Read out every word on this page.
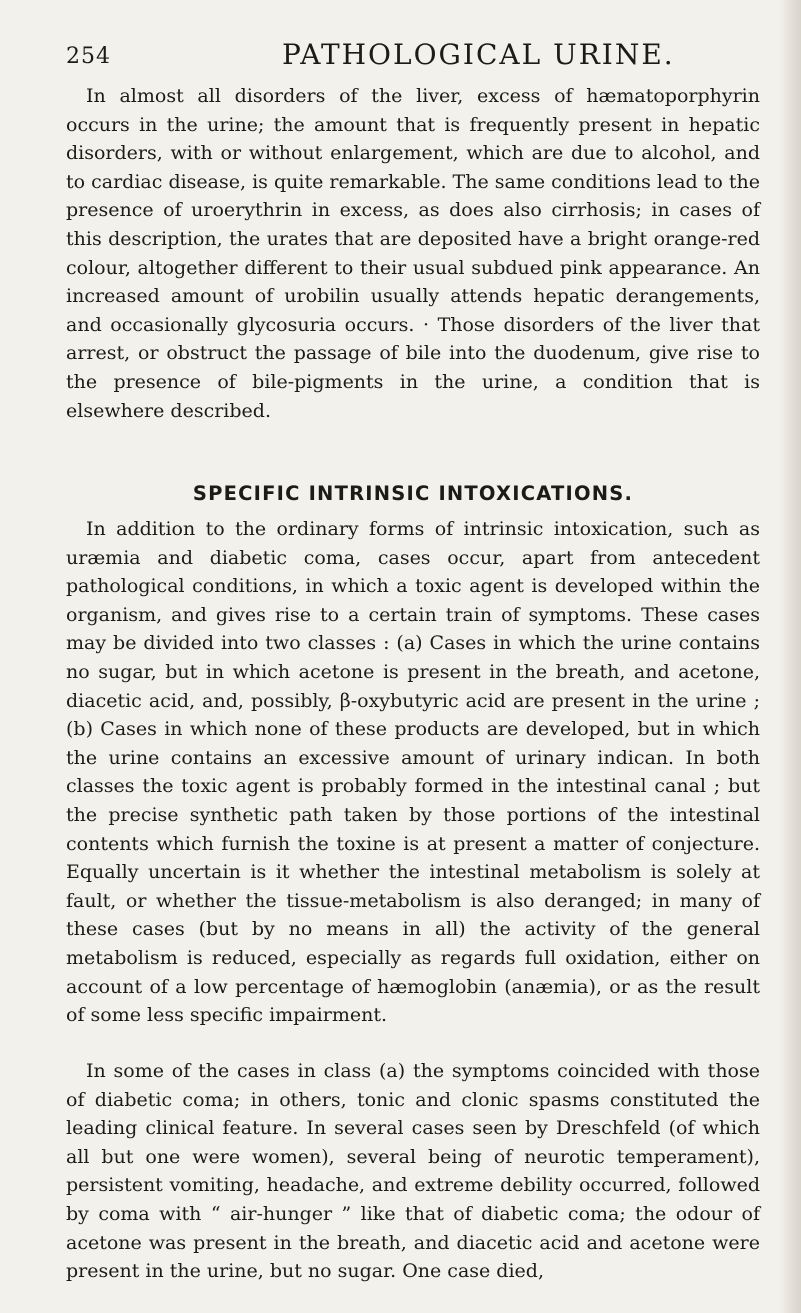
254	PATHOLOGICAL URINE.

In almost all disorders of the liver, excess of hæmatoporphyrin occurs in the urine; the amount that is frequently present in hepatic disorders, with or without enlargement, which are due to alcohol, and to cardiac disease, is quite remarkable. The same conditions lead to the presence of uroerythrin in excess, as does also cirrhosis; in cases of this description, the urates that are deposited have a bright orange-red colour, altogether different to their usual subdued pink appearance. An increased amount of urobilin usually attends hepatic derangements, and occasionally glycosuria occurs. · Those disorders of the liver that arrest, or obstruct the passage of bile into the duodenum, give rise to the presence of bile-pigments in the urine, a condition that is elsewhere described.

SPECIFIC INTRINSIC INTOXICATIONS.

In addition to the ordinary forms of intrinsic intoxication, such as uræmia and diabetic coma, cases occur, apart from antecedent pathological conditions, in which a toxic agent is developed within the organism, and gives rise to a certain train of symptoms. These cases may be divided into two classes : (a) Cases in which the urine contains no sugar, but in which acetone is present in the breath, and acetone, diacetic acid, and, possibly, β-oxybutyric acid are present in the urine ; (b) Cases in which none of these products are developed, but in which the urine contains an excessive amount of urinary indican. In both classes the toxic agent is probably formed in the intestinal canal ; but the precise synthetic path taken by those portions of the intestinal contents which furnish the toxine is at present a matter of conjecture. Equally uncertain is it whether the intestinal metabolism is solely at fault, or whether the tissue-metabolism is also deranged; in many of these cases (but by no means in all) the activity of the general metabolism is reduced, especially as regards full oxidation, either on account of a low percentage of hæmoglobin (anæmia), or as the result of some less specific impairment.

In some of the cases in class (a) the symptoms coincided with those of diabetic coma; in others, tonic and clonic spasms constituted the leading clinical feature. In several cases seen by Dreschfeld (of which all but one were women), several being of neurotic temperament), persistent vomiting, headache, and extreme debility occurred, followed by coma with “ air-hunger ” like that of diabetic coma; the odour of acetone was present in the breath, and diacetic acid and acetone were present in the urine, but no sugar. One case died,
